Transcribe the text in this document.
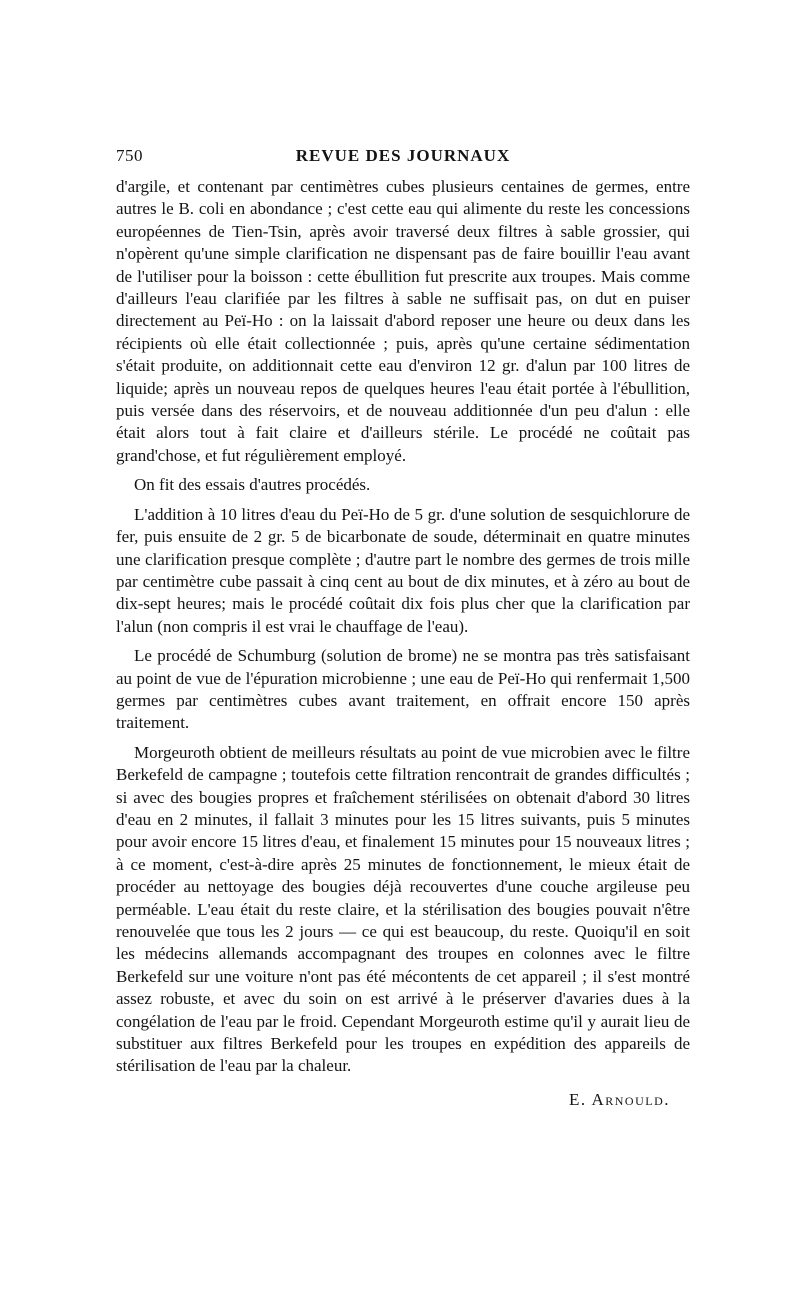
750	REVUE DES JOURNAUX

d'argile, et contenant par centimètres cubes plusieurs centaines de germes, entre autres le B. coli en abondance ; c'est cette eau qui alimente du reste les concessions européennes de Tien-Tsin, après avoir traversé deux filtres à sable grossier, qui n'opèrent qu'une simple clarification ne dispensant pas de faire bouillir l'eau avant de l'utiliser pour la boisson : cette ébullition fut prescrite aux troupes. Mais comme d'ailleurs l'eau clarifiée par les filtres à sable ne suffisait pas, on dut en puiser directement au Peï-Ho : on la laissait d'abord reposer une heure ou deux dans les récipients où elle était collectionnée ; puis, après qu'une certaine sédimentation s'était produite, on additionnait cette eau d'environ 12 gr. d'alun par 100 litres de liquide; après un nouveau repos de quelques heures l'eau était portée à l'ébullition, puis versée dans des réservoirs, et de nouveau additionnée d'un peu d'alun : elle était alors tout à fait claire et d'ailleurs stérile. Le procédé ne coûtait pas grand'chose, et fut régulièrement employé.

On fit des essais d'autres procédés.

L'addition à 10 litres d'eau du Peï-Ho de 5 gr. d'une solution de sesquichlorure de fer, puis ensuite de 2 gr. 5 de bicarbonate de soude, déterminait en quatre minutes une clarification presque complète ; d'autre part le nombre des germes de trois mille par centimètre cube passait à cinq cent au bout de dix minutes, et à zéro au bout de dix-sept heures; mais le procédé coûtait dix fois plus cher que la clarification par l'alun (non compris il est vrai le chauffage de l'eau).

Le procédé de Schumburg (solution de brome) ne se montra pas très satisfaisant au point de vue de l'épuration microbienne ; une eau de Peï-Ho qui renfermait 1,500 germes par centimètres cubes avant traitement, en offrait encore 150 après traitement.

Morgeuroth obtient de meilleurs résultats au point de vue microbien avec le filtre Berkefeld de campagne ; toutefois cette filtration rencontrait de grandes difficultés ; si avec des bougies propres et fraîchement stérilisées on obtenait d'abord 30 litres d'eau en 2 minutes, il fallait 3 minutes pour les 15 litres suivants, puis 5 minutes pour avoir encore 15 litres d'eau, et finalement 15 minutes pour 15 nouveaux litres ; à ce moment, c'est-à-dire après 25 minutes de fonctionnement, le mieux était de procéder au nettoyage des bougies déjà recouvertes d'une couche argileuse peu perméable. L'eau était du reste claire, et la stérilisation des bougies pouvait n'être renouvelée que tous les 2 jours — ce qui est beaucoup, du reste. Quoiqu'il en soit les médecins allemands accompagnant des troupes en colonnes avec le filtre Berkefeld sur une voiture n'ont pas été mécontents de cet appareil ; il s'est montré assez robuste, et avec du soin on est arrivé à le préserver d'avaries dues à la congélation de l'eau par le froid. Cependant Morgeuroth estime qu'il y aurait lieu de substituer aux filtres Berkefeld pour les troupes en expédition des appareils de stérilisation de l'eau par la chaleur.

E. Arnould.
